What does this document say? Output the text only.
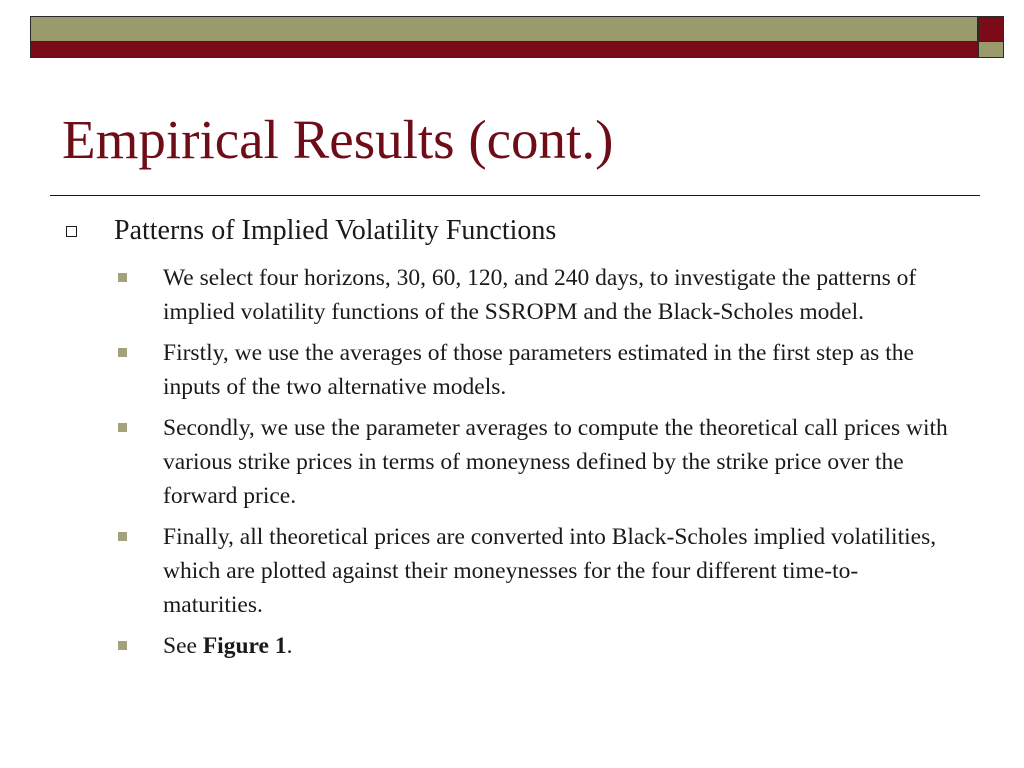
Empirical Results (cont.)
Patterns of Implied Volatility Functions
We select four horizons, 30, 60, 120, and 240 days, to investigate the patterns of implied volatility functions of the SSROPM and the Black-Scholes model.
Firstly, we use the averages of those parameters estimated in the first step as the inputs of the two alternative models.
Secondly, we use the parameter averages to compute the theoretical call prices with various strike prices in terms of moneyness defined by the strike price over the forward price.
Finally, all theoretical prices are converted into Black-Scholes implied volatilities, which are plotted against their moneynesses for the four different time-to-maturities.
See Figure 1.
